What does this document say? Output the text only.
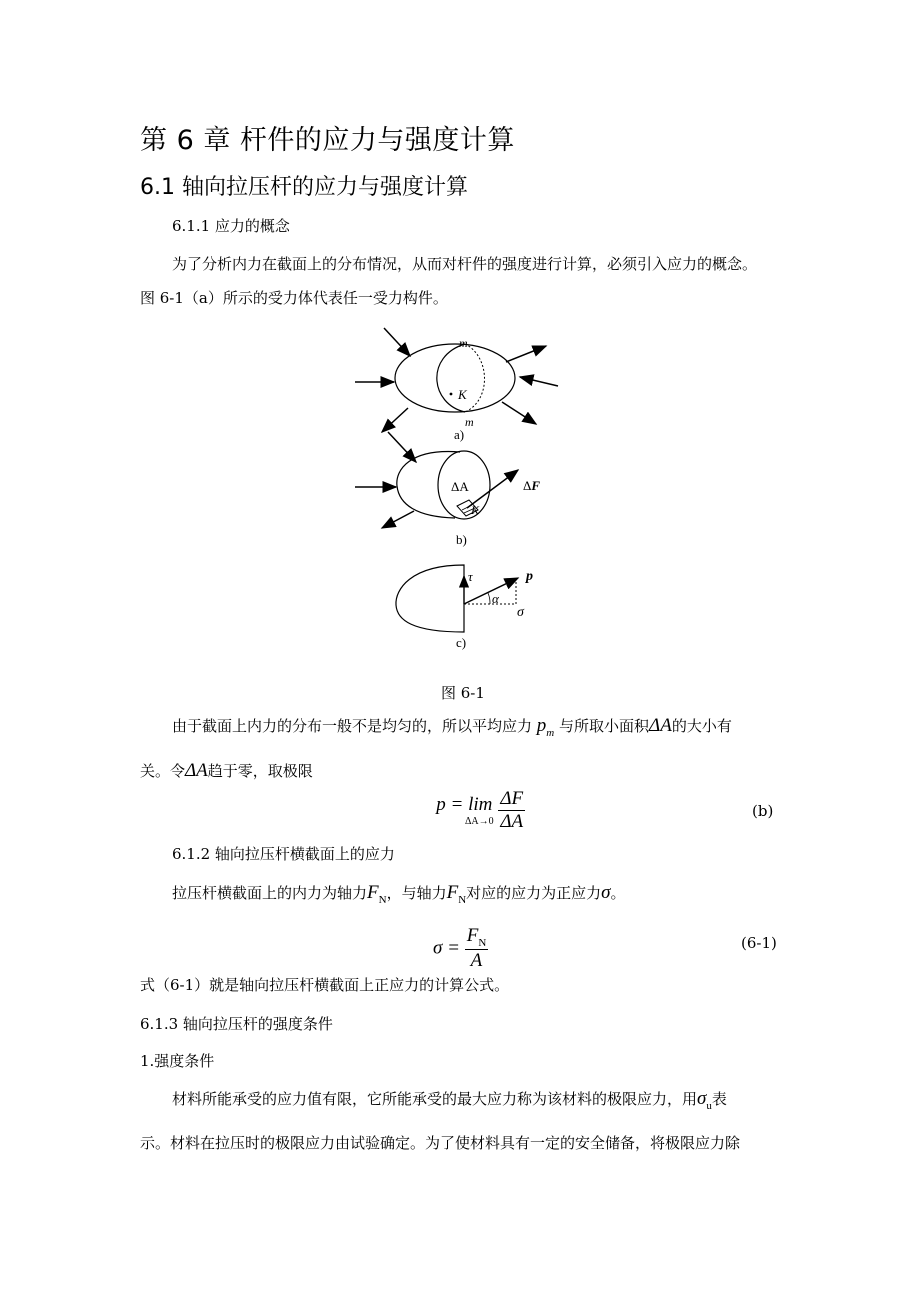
第 6 章 杆件的应力与强度计算
6.1 轴向拉压杆的应力与强度计算
6.1.1 应力的概念
为了分析内力在截面上的分布情况，从而对杆件的强度进行计算，必须引入应力的概念。
图 6-1（a）所示的受力体代表任一受力构件。
m
m
K
a)
ΔA
K
ΔF
b)
τ	p
α
σ
c)
图 6-1
由于截面上内力的分布一般不是均匀的，所以平均应力 $p_m$ 与所取小面积ΔA的大小有
关。令ΔA趋于零，取极限
p = lim
ΔA→0
$\frac{\Delta F}{\Delta A}$	(b)
6.1.2 轴向拉压杆横截面上的应力
拉压杆横截面上的内力为轴力$F_N$，与轴力$F_N$对应的应力为正应力σ。
$\sigma = \frac{F_N}{A}$	(6-1)
式（6-1）就是轴向拉压杆横截面上正应力的计算公式。
6.1.3 轴向拉压杆的强度条件
1.强度条件
材料所能承受的应力值有限，它所能承受的最大应力称为该材料的极限应力，用$\sigma_u$表
示。材料在拉压时的极限应力由试验确定。为了使材料具有一定的安全储备，将极限应力除
